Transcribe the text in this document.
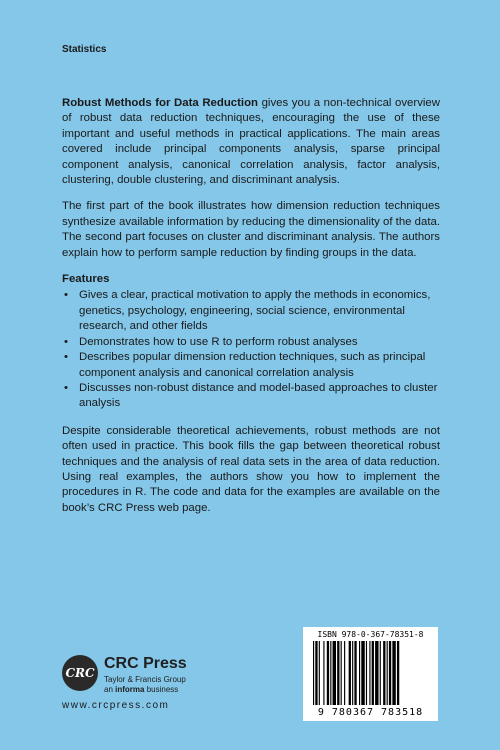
Statistics

Robust Methods for Data Reduction gives you a non-technical overview of robust data reduction techniques, encouraging the use of these important and useful methods in practical applications. The main areas covered include principal components analysis, sparse principal component analysis, canonical correlation analysis, factor analysis, clustering, double clustering, and discriminant analysis.

The first part of the book illustrates how dimension reduction techniques synthesize available information by reducing the dimensionality of the data. The second part focuses on cluster and discriminant analysis. The authors explain how to perform sample reduction by finding groups in the data.

Features
• Gives a clear, practical motivation to apply the methods in economics, genetics, psychology, engineering, social science, environmental research, and other fields
• Demonstrates how to use R to perform robust analyses
• Describes popular dimension reduction techniques, such as principal component analysis and canonical correlation analysis
• Discusses non-robust distance and model-based approaches to cluster analysis

Despite considerable theoretical achievements, robust methods are not often used in practice. This book fills the gap between theoretical robust techniques and the analysis of real data sets in the area of data reduction. Using real examples, the authors show you how to implement the procedures in R. The code and data for the examples are available on the book’s CRC Press web page.

CRC
CRC Press
Taylor & Francis Group
an informa business
www.crcpress.com
ISBN 978-0-367-78351-8
9 780367 783518
